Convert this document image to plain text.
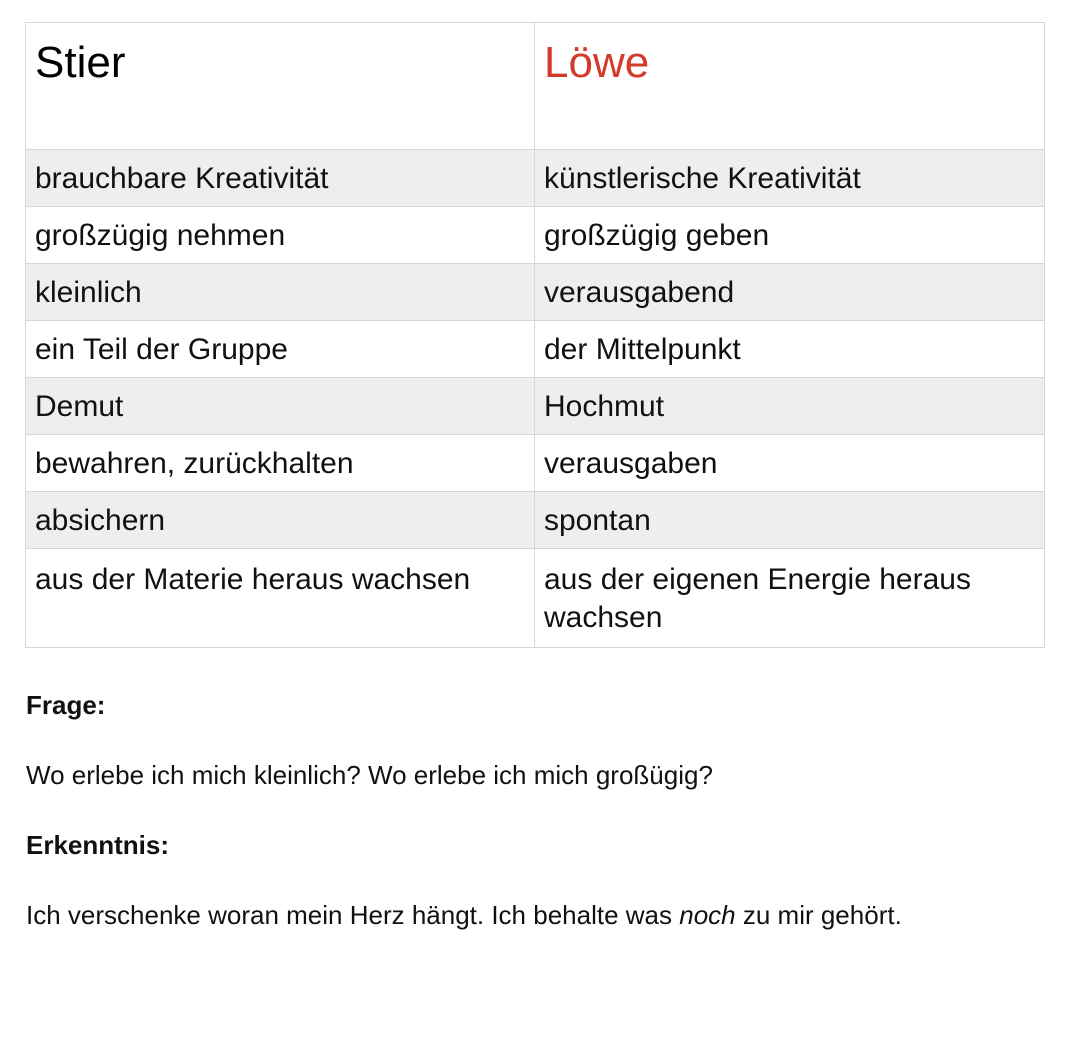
Stier	Löwe
brauchbare Kreativität	künstlerische Kreativität
großzügig nehmen	großzügig geben
kleinlich	verausgabend
ein Teil der Gruppe	der Mittelpunkt
Demut	Hochmut
bewahren, zurückhalten	verausgaben
absichern	spontan
aus der Materie heraus wachsen	aus der eigenen Energie heraus wachsen

Frage:

Wo erlebe ich mich kleinlich? Wo erlebe ich mich großügig?

Erkenntnis:

Ich verschenke woran mein Herz hängt. Ich behalte was noch zu mir gehört.
